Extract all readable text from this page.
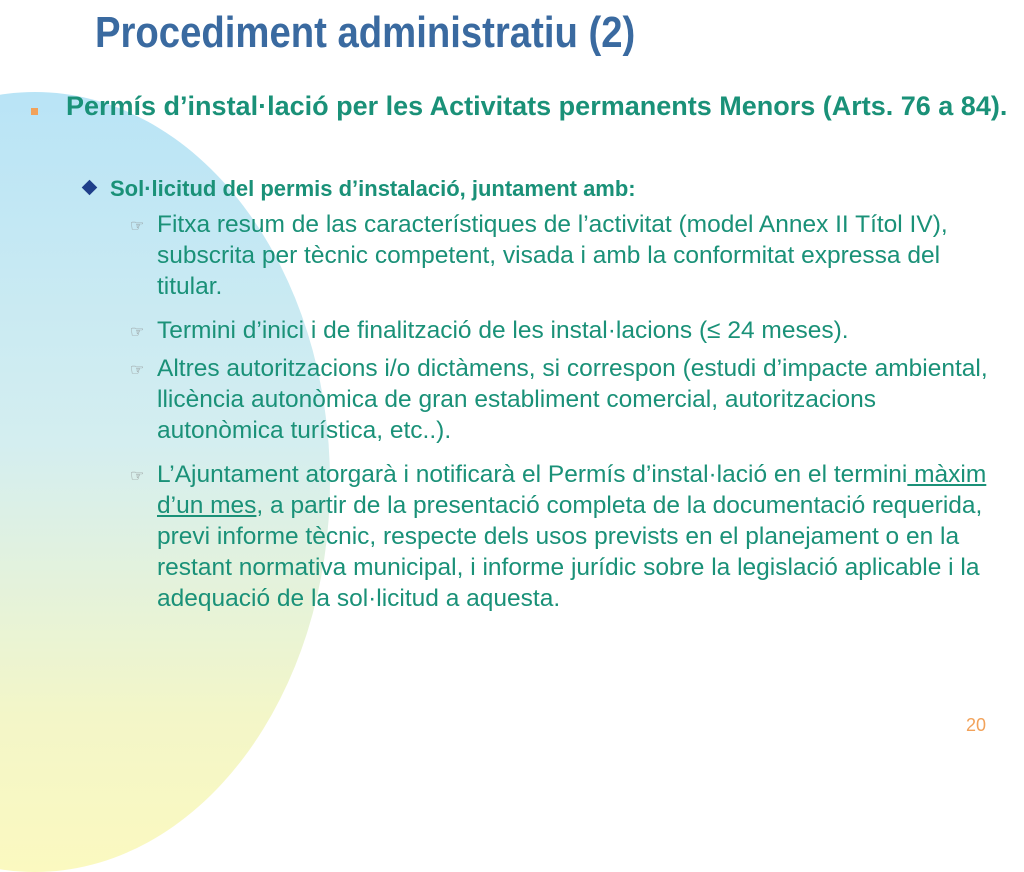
Procediment administratiu (2)
Permís d’instal·lació per les Activitats permanents Menors (Arts. 76 a 84).
Sol·licitud del permis d’instalació, juntament amb:
☞ Fitxa resum de las característiques de l’activitat (model Annex II Títol IV), subscrita per tècnic competent, visada i amb la conformitat expressa del titular.
☞ Termini d’inici i de finalització de les instal·lacions (≤ 24 meses).
☞ Altres autoritzacions i/o dictàmens, si correspon (estudi d’impacte ambiental, llicència autonòmica de gran establiment comercial, autoritzacions autonòmica turística, etc..).
☞ L’Ajuntament atorgarà i notificarà el Permís d’instal·lació en el termini màxim d’un mes, a partir de la presentació completa de la documentació requerida, previ informe tècnic, respecte dels usos prevists en el planejament o en la restant normativa municipal, i informe jurídic sobre la legislació aplicable i la adequació de la sol·licitud a aquesta.
20
